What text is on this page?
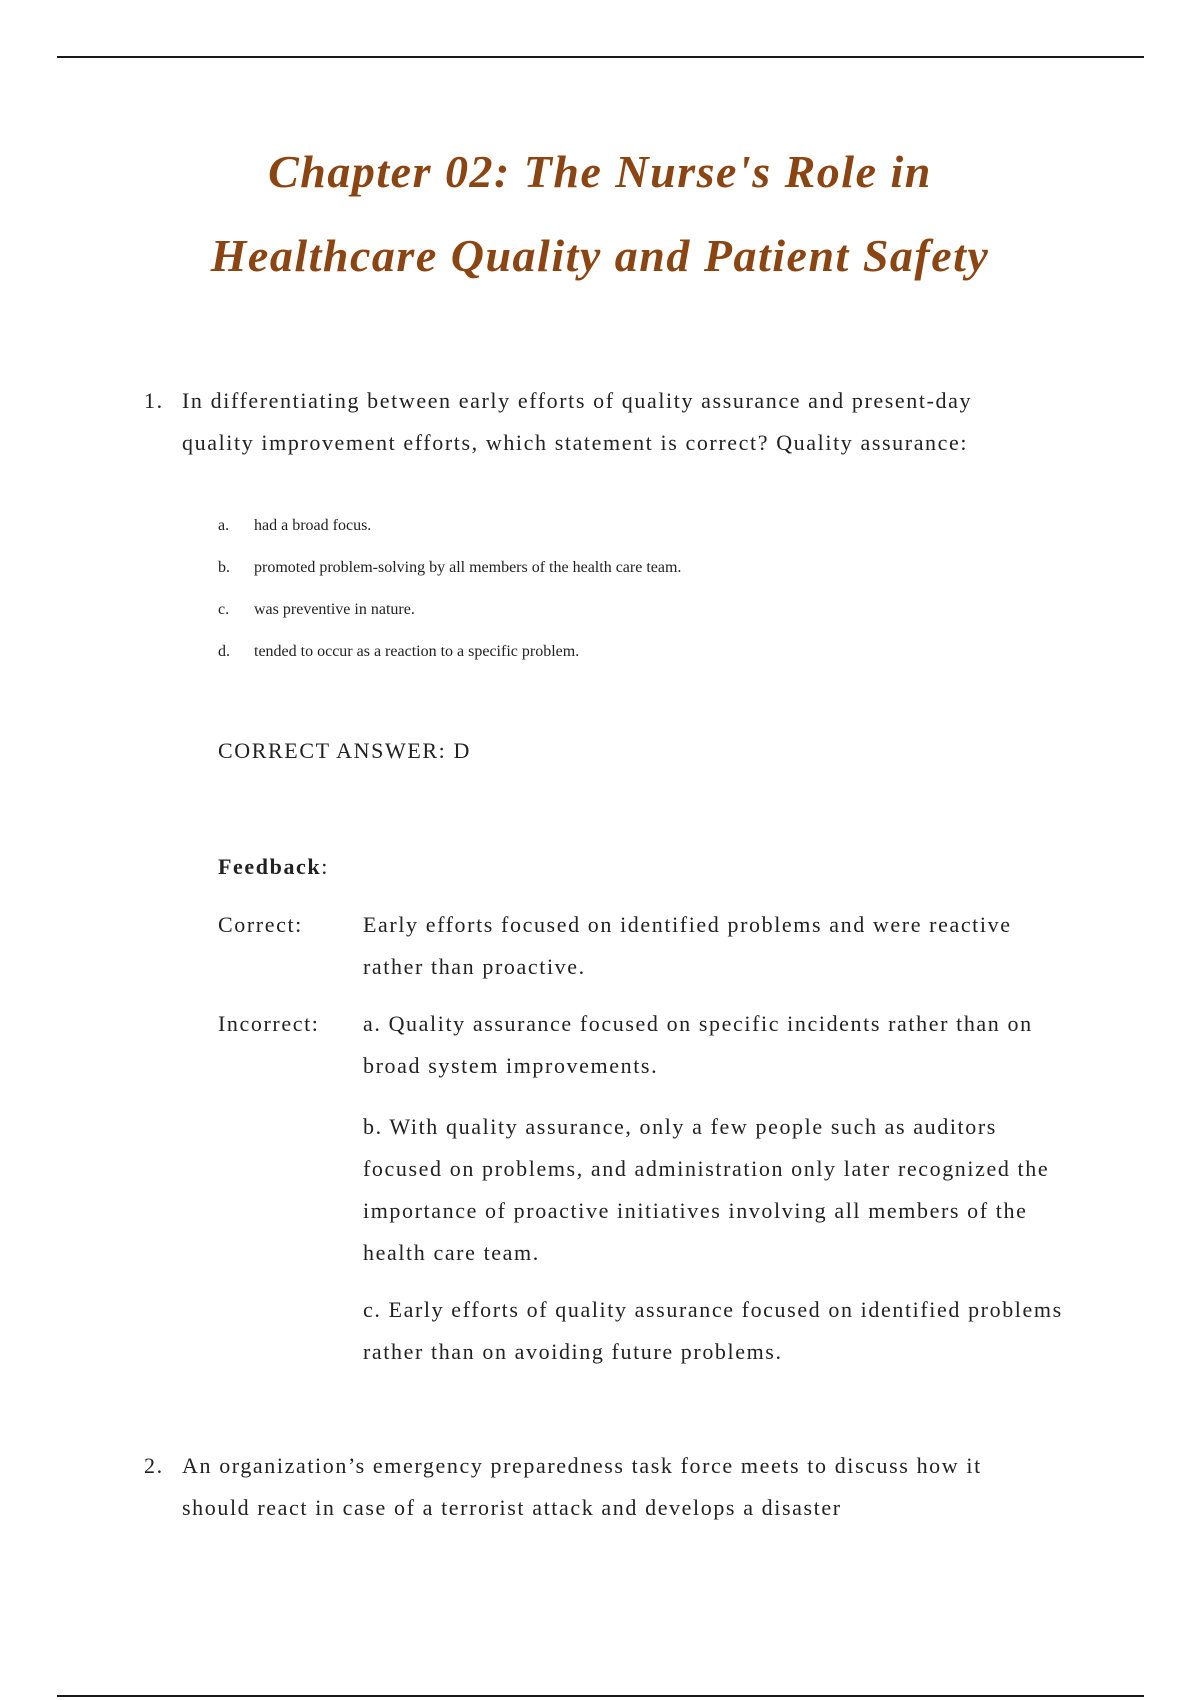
Chapter 02: The Nurse's Role in
Healthcare Quality and Patient Safety
1. In differentiating between early efforts of quality assurance and present-day quality improvement efforts, which statement is correct? Quality assurance:
a. had a broad focus.
b. promoted problem-solving by all members of the health care team.
c. was preventive in nature.
d. tended to occur as a reaction to a specific problem.
CORRECT ANSWER: D
Feedback:
Correct:	Early efforts focused on identified problems and were reactive rather than proactive.
Incorrect: a. Quality assurance focused on specific incidents rather than on broad system improvements.
b. With quality assurance, only a few people such as auditors focused on problems, and administration only later recognized the importance of proactive initiatives involving all members of the health care team.
c. Early efforts of quality assurance focused on identified problems rather than on avoiding future problems.
2. An organization’s emergency preparedness task force meets to discuss how it should react in case of a terrorist attack and develops a disaster
